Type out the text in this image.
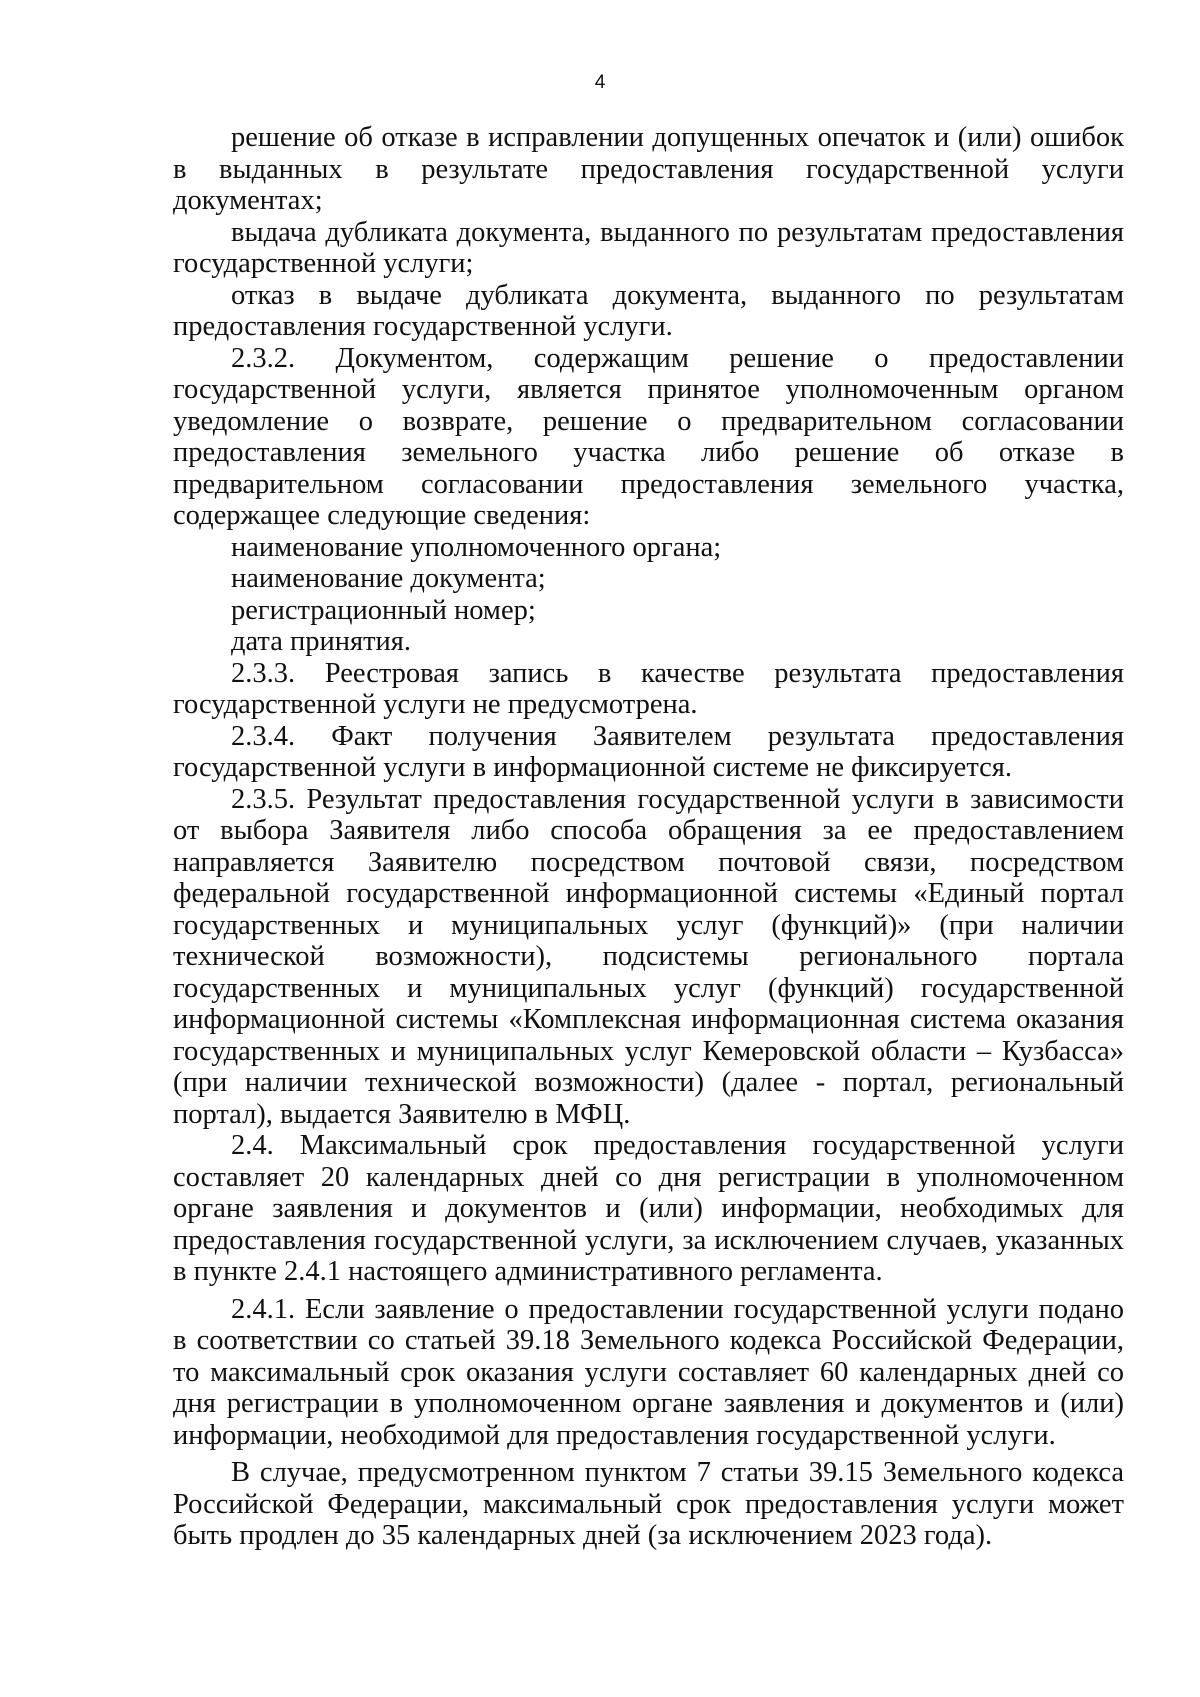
4

решение об отказе в исправлении допущенных опечаток и (или) ошибок в выданных в результате предоставления государственной услуги документах;

выдача дубликата документа, выданного по результатам предоставления государственной услуги;

отказ в выдаче дубликата документа, выданного по результатам предоставления государственной услуги.

2.3.2. Документом, содержащим решение о предоставлении государственной услуги, является принятое уполномоченным органом уведомление о возврате, решение о предварительном согласовании предоставления земельного участка либо решение об отказе в предварительном согласовании предоставления земельного участка, содержащее следующие сведения:

наименование уполномоченного органа;

наименование документа;

регистрационный номер;

дата принятия.

2.3.3. Реестровая запись в качестве результата предоставления государственной услуги не предусмотрена.

2.3.4. Факт получения Заявителем результата предоставления государственной услуги в информационной системе не фиксируется.

2.3.5. Результат предоставления государственной услуги в зависимости от выбора Заявителя либо способа обращения за ее предоставлением направляется Заявителю посредством почтовой связи, посредством федеральной государственной информационной системы «Единый портал государственных и муниципальных услуг (функций)» (при наличии технической возможности), подсистемы регионального портала государственных и муниципальных услуг (функций) государственной информационной системы «Комплексная информационная система оказания государственных и муниципальных услуг Кемеровской области – Кузбасса» (при наличии технической возможности) (далее - портал, региональный портал), выдается Заявителю в МФЦ.

2.4. Максимальный срок предоставления государственной услуги составляет 20 календарных дней со дня регистрации в уполномоченном органе заявления и документов и (или) информации, необходимых для предоставления государственной услуги, за исключением случаев, указанных в пункте 2.4.1 настоящего административного регламента.

2.4.1. Если заявление о предоставлении государственной услуги подано в соответствии со статьей 39.18 Земельного кодекса Российской Федерации, то максимальный срок оказания услуги составляет 60 календарных дней со дня регистрации в уполномоченном органе заявления и документов и (или) информации, необходимой для предоставления государственной услуги.

В случае, предусмотренном пунктом 7 статьи 39.15 Земельного кодекса Российской Федерации, максимальный срок предоставления услуги может быть продлен до 35 календарных дней (за исключением 2023 года).
